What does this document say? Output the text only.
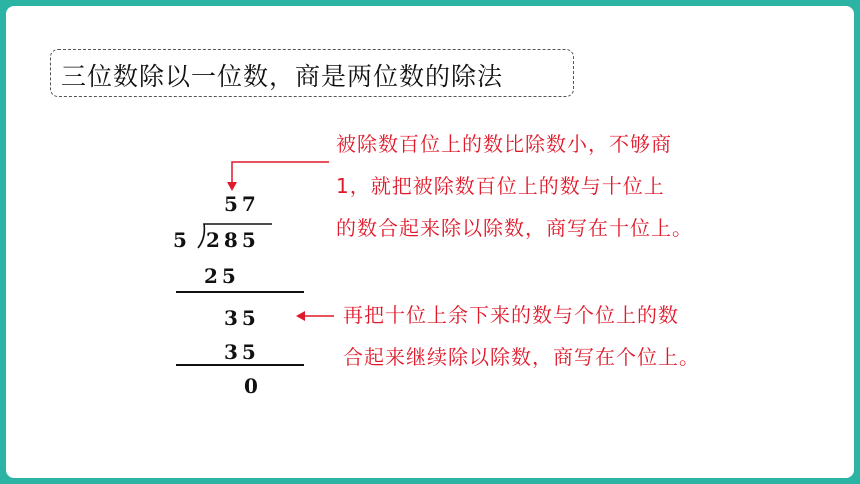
三位数除以一位数，商是两位数的除法
57
5 285
25
35
35
0
被除数百位上的数比除数小，不够商
1，就把被除数百位上的数与十位上
的数合起来除以除数，商写在十位上。
再把十位上余下来的数与个位上的数
合起来继续除以除数，商写在个位上。
